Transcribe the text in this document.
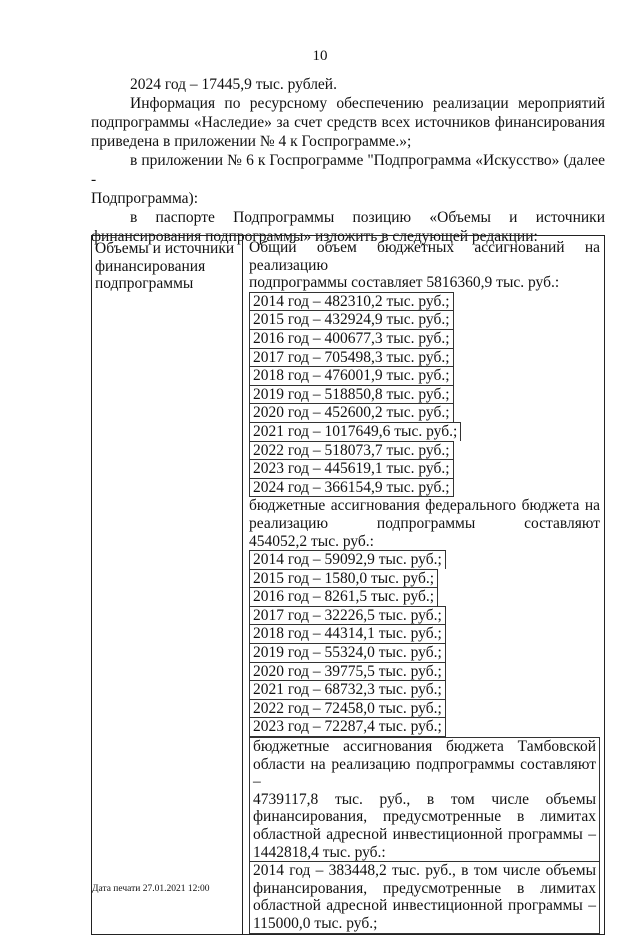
10

2024 год – 17445,9 тыс. рублей.

Информация по ресурсному обеспечению реализации мероприятий

подпрограммы «Наследие» за счет средств всех источников финансирования

приведена в приложении № 4 к Госпрограмме.»;

в приложении № 6 к Госпрограмме "Подпрограмма «Искусство» (далее -

Подпрограмма):

в паспорте Подпрограммы позицию «Объемы и источники

финансирования подпрограммы» изложить в следующей редакции:

Объемы и источники финансирования подпрограммы	
Общий объем бюджетных ассигнований на реализацию
подпрограммы составляет 5816360,9 тыс. руб.:
2014 год – 482310,2 тыс. руб.;
2015 год – 432924,9 тыс. руб.;
2016 год – 400677,3 тыс. руб.;
2017 год – 705498,3 тыс. руб.;
2018 год – 476001,9 тыс. руб.;
2019 год – 518850,8 тыс. руб.;
2020 год – 452600,2 тыс. руб.;
2021 год – 1017649,6 тыс. руб.;
2022 год – 518073,7 тыс. руб.;
2023 год – 445619,1 тыс. руб.;
2024 год – 366154,9 тыс. руб.;
бюджетные ассигнования федерального бюджета на
реализацию подпрограммы составляют
454052,2 тыс. руб.:
2014 год – 59092,9 тыс. руб.;
2015 год – 1580,0 тыс. руб.;
2016 год – 8261,5 тыс. руб.;
2017 год – 32226,5 тыс. руб.;
2018 год – 44314,1 тыс. руб.;
2019 год – 55324,0 тыс. руб.;
2020 год – 39775,5 тыс. руб.;
2021 год – 68732,3 тыс. руб.;
2022 год – 72458,0 тыс. руб.;
2023 год – 72287,4 тыс. руб.;
бюджетные ассигнования бюджета Тамбовской
области на реализацию подпрограммы составляют –
4739117,8 тыс. руб., в том числе объемы
финансирования, предусмотренные в лимитах
областной адресной инвестиционной программы –
1442818,4 тыс. руб.:
2014 год – 383448,2 тыс. руб., в том числе объемы
финансирования, предусмотренные в лимитах
областной адресной инвестиционной программы –
115000,0 тыс. руб.;
Дата печати 27.01.2021 12:00
